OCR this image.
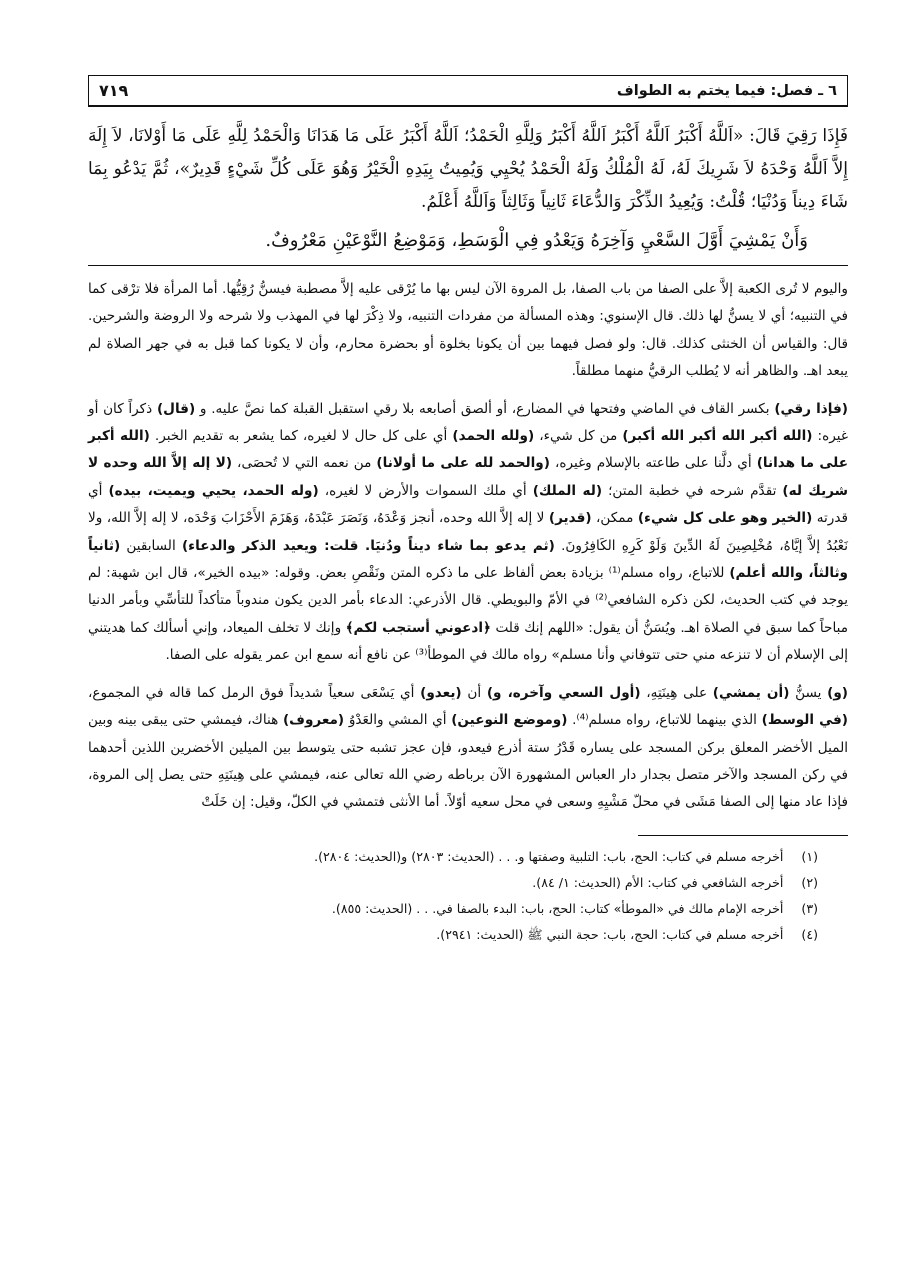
٦ ـ فصل: فيما يختم به الطواف
٧١٩

فَإِذَا رَقِيَ قَالَ: «اَللَّهُ أَكْبَرُ اَللَّهُ أَكْبَرُ اَللَّهُ أَكْبَرُ وَلِلَّهِ الْحَمْدُ؛ اَللَّهُ أَكْبَرُ عَلَى مَا هَدَانَا وَالْحَمْدُ لِلَّهِ عَلَى مَا أَوْلانَا، لاَ إِلَهَ إِلاَّ اَللَّهُ وَحْدَهُ لاَ شَرِيكَ لَهُ، لَهُ الْمُلْكُ وَلَهُ الْحَمْدُ يُحْيِي وَيُمِيتُ بِيَدِهِ الْخَيْرُ وَهُوَ عَلَى كُلِّ شَيْءٍ قَدِيرٌ»، ثُمَّ يَدْعُو بِمَا شَاءَ دِيناً وَدُنْيَا؛ قُلْتُ: وَيُعِيدُ الذِّكْرَ وَالدُّعَاءَ ثَانِياً وَثَالِثاً وَاَللَّهُ أَعْلَمُ.

وَأَنْ يَمْشِيَ أَوَّلَ السَّعْيِ وَآخِرَهُ وَيَعْدُو فِي الْوَسَطِ، وَمَوْضِعُ النَّوْعَيْنِ مَعْرُوفٌ.

واليوم لا تُرى الكعبة إلاَّ على الصفا من باب الصفا، بل المروة الآن ليس بها ما يُرْقى عليه إلاَّ مصطبة فيسنُّ رُقِيُّها. أما المرأة فلا ترْقى كما في التنبيه؛ أي لا يسنُّ لها ذلك. قال الإسنوي: وهذه المسألة من مفردات التنبيه، ولا ذِكْرَ لها في المهذب ولا شرحه ولا الروضة والشرحين. قال: والقياس أن الخنثى كذلك. قال: ولو فصل فيهما بين أن يكونا بخلوة أو بحضرة محارم، وأن لا يكونا كما قبل به في جهر الصلاة لم يبعد اهـ. والظاهر أنه لا يُطلب الرقيُّ منهما مطلقاً.

(فإذا رقي) بكسر القاف في الماضي وفتحها في المضارع، أو ألصق أصابعه بلا رقي استقبل القبلة كما نصَّ عليه. و (قال) ذكراً كان أو غيره: (الله أكبر الله أكبر الله أكبر) من كل شيء، (ولله الحمد) أي على كل حال لا لغيره، كما يشعر به تقديم الخبر. (الله أكبر على ما هدانا) أي دلَّنا على طاعته بالإسلام وغيره، (والحمد لله على ما أولانا) من نعمه التي لا تُحصَى، (لا إله إلاَّ الله وحده لا شريك له) تقدَّم شرحه في خطبة المتن؛ (له الملك) أي ملك السموات والأرض لا لغيره، (وله الحمد، يحيي ويميت، بيده) أي قدرته (الخير وهو على كل شيء) ممكن، (قدير) لا إله إلاَّ الله وحده، أنجز وَعْدَهُ، وَنَصَرَ عَبْدَهُ، وَهَزَمَ الأَحْزَابَ وَحْدَه، لا إله إلاَّ الله، ولا نَعْبُدُ إلاَّ إيَّاهُ، مُخْلِصِينَ لَهُ الدِّينَ وَلَوْ كَرِهِ الكَافِرُونَ. (ثم يدعو بما شاء ديناً ودُنيَا. قلت: ويعيد الذكر والدعاء) السابقين (ثانياً وثالثاً، والله أعلم) للاتباع، رواه مسلم⁽¹⁾ بزيادة بعض ألفاظ على ما ذكره المتن ونَقْصِ بعض. وقوله: «بيده الخير»، قال ابن شهبة: لم يوجد في كتب الحديث، لكن ذكره الشافعي⁽²⁾ في الأمّ والبويطي. قال الأذرعي: الدعاء بأمر الدين يكون مندوباً متأكداً للتأسِّي وبأمر الدنيا مباحاً كما سبق في الصلاة اهـ. ويُسَنُّ أن يقول: «اللهم إنك قلت ﴿ادعوني أستجب لكم﴾ وإنك لا تخلف الميعاد، وإني أسألك كما هديتني إلى الإسلام أن لا تنزعه مني حتى تتوفاني وأنا مسلم» رواه مالك في الموطأ⁽³⁾ عن نافع أنه سمع ابن عمر يقوله على الصفا.

(و) يسنُّ (أن يمشي) على هِينَتِهِ، (أول السعي وآخره، و) أن (يعدو) أي يَسْعَى سعياً شديداً فوق الرمل كما قاله في المجموع، (في الوسط) الذي بينهما للاتباع، رواه مسلم⁽⁴⁾. (وموضع النوعين) أي المشي والعَدْوُ (معروف) هناك، فيمشي حتى يبقى بينه وبين الميل الأخضر المعلق بركن المسجد على يساره قَدْرُ ستة أذرع فيعدو، فإن عجز تشبه حتى يتوسط بين الميلين الأخضرين اللذين أحدهما في ركن المسجد والآخر متصل بجدار دار العباس المشهورة الآن برباطه رضي الله تعالى عنه، فيمشي على هِينَتِهِ حتى يصل إلى المروة، فإذا عاد منها إلى الصفا مَشَى في محلّ مَشْيِهِ وسعى في محل سعيه أوّلاً. أما الأنثى فتمشي في الكلّ، وقيل: إن خَلَتْ

(١)
أخرجه مسلم في كتاب: الحج، باب: التلبية وصفتها و. . . (الحديث: ٢٨٠٣) و(الحديث: ٢٨٠٤).
(٢)
أخرجه الشافعي في كتاب: الأم (الحديث: ١/ ٨٤).
(٣)
أخرجه الإمام مالك في «الموطأ» كتاب: الحج، باب: البدء بالصفا في. . . (الحديث: ٨٥٥).
(٤)
أخرجه مسلم في كتاب: الحج، باب: حجة النبي ﷺ (الحديث: ٢٩٤١).
